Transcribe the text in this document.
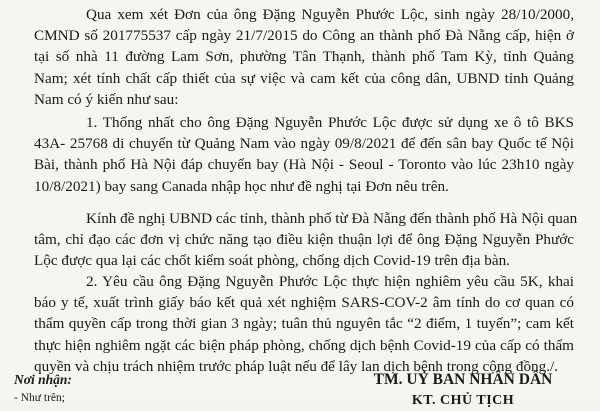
Qua xem xét Đơn của ông Đặng Nguyễn Phước Lộc, sinh ngày 28/10/2000,
CMND số 201775537 cấp ngày 21/7/2015 do Công an thành phố Đà Nẵng cấp, hiện ở
tại số nhà 11 đường Lam Sơn, phường Tân Thạnh, thành phố Tam Kỳ, tỉnh Quảng
Nam; xét tính chất cấp thiết của sự việc và cam kết của công dân, UBND tỉnh Quảng
Nam có ý kiến như sau:
1. Thống nhất cho ông Đặng Nguyễn Phước Lộc được sử dụng xe ô tô BKS
43A- 25768 di chuyển từ Quảng Nam vào ngày 09/8/2021 để đến sân bay Quốc tế Nội
Bài, thành phố Hà Nội đáp chuyến bay (Hà Nội - Seoul - Toronto vào lúc 23h10 ngày
10/8/2021) bay sang Canada nhập học như đề nghị tại Đơn nêu trên.
Kính đề nghị UBND các tỉnh, thành phố từ Đà Nẵng đến thành phố Hà Nội quan
tâm, chỉ đạo các đơn vị chức năng tạo điều kiện thuận lợi để ông Đặng Nguyễn Phước
Lộc được qua lại các chốt kiểm soát phòng, chống dịch Covid-19 trên địa bàn.
2. Yêu cầu ông Đặng Nguyễn Phước Lộc thực hiện nghiêm yêu cầu 5K, khai
báo y tế, xuất trình giấy báo kết quả xét nghiệm SARS-COV-2 âm tính do cơ quan có
thẩm quyền cấp trong thời gian 3 ngày; tuân thủ nguyên tắc “2 điểm, 1 tuyến”; cam kết
thực hiện nghiêm ngặt các biện pháp phòng, chống dịch bệnh Covid-19 của cấp có thẩm
quyền và chịu trách nhiệm trước pháp luật nếu để lây lan dịch bệnh trong cộng đồng./.
Nơi nhận:
- Như trên;
TM. UỶ BAN NHÂN DÂN
KT. CHỦ TỊCH
